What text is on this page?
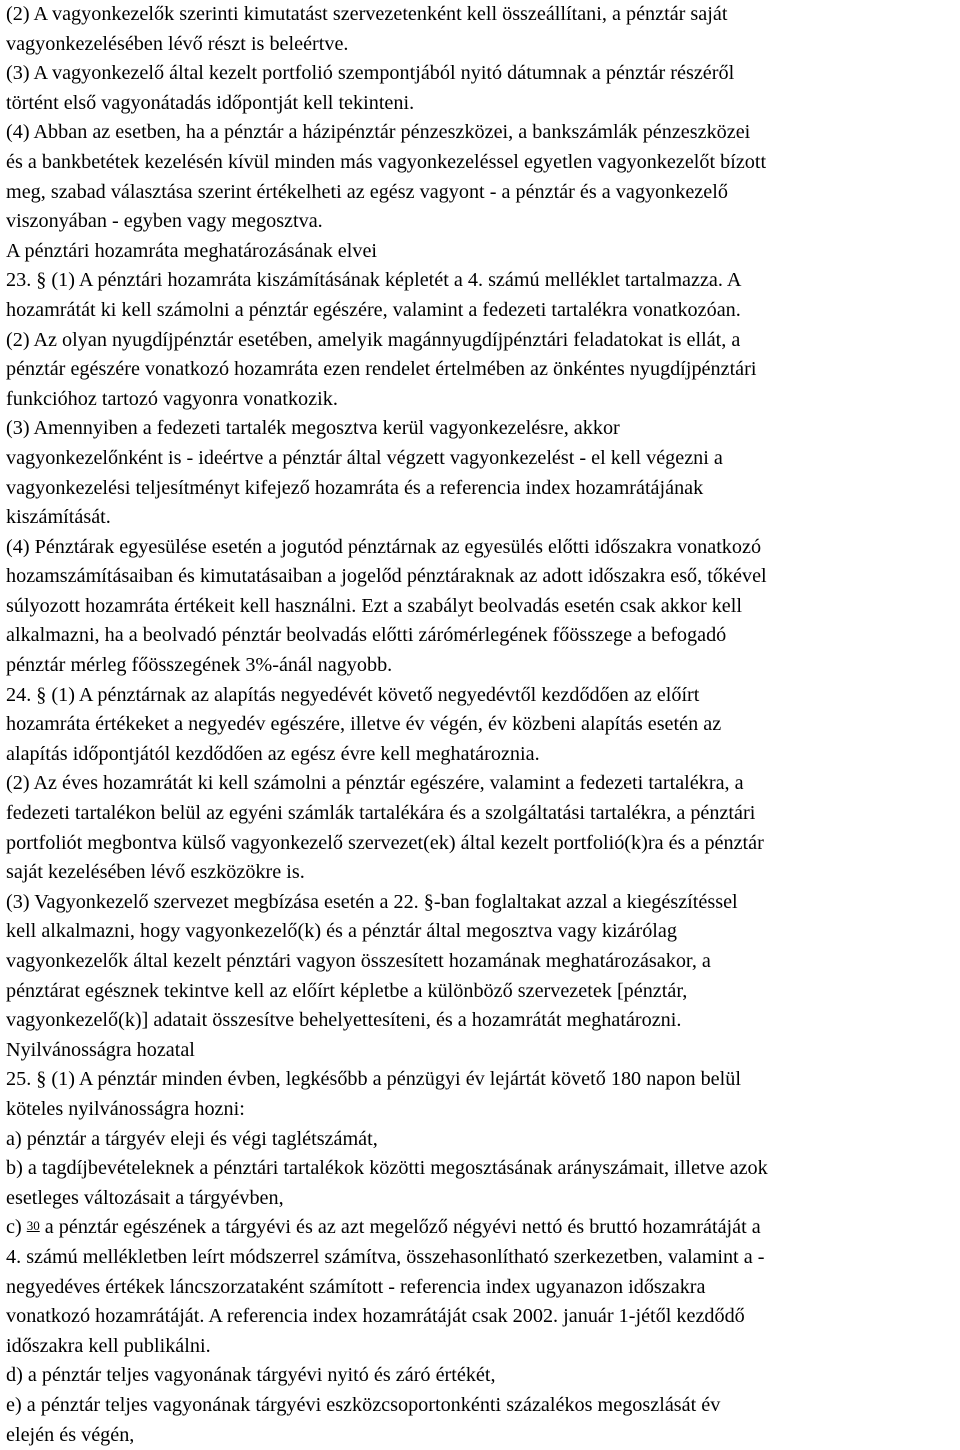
(2) A vagyonkezelők szerinti kimutatást szervezetenként kell összeállítani, a pénztár saját

vagyonkezelésében lévő részt is beleértve.

(3) A vagyonkezelő által kezelt portfolió szempontjából nyitó dátumnak a pénztár részéről

történt első vagyonátadás időpontját kell tekinteni.

(4) Abban az esetben, ha a pénztár a házipénztár pénzeszközei, a bankszámlák pénzeszközei

és a bankbetétek kezelésén kívül minden más vagyonkezeléssel egyetlen vagyonkezelőt bízott

meg, szabad választása szerint értékelheti az egész vagyont - a pénztár és a vagyonkezelő

viszonyában - egyben vagy megosztva.

A pénztári hozamráta meghatározásának elvei

23. § (1) A pénztári hozamráta kiszámításának képletét a 4. számú melléklet tartalmazza. A

hozamrátát ki kell számolni a pénztár egészére, valamint a fedezeti tartalékra vonatkozóan.

(2) Az olyan nyugdíjpénztár esetében, amelyik magánnyugdíjpénztári feladatokat is ellát, a

pénztár egészére vonatkozó hozamráta ezen rendelet értelmében az önkéntes nyugdíjpénztári

funkcióhoz tartozó vagyonra vonatkozik.

(3) Amennyiben a fedezeti tartalék megosztva kerül vagyonkezelésre, akkor

vagyonkezelőnként is - ideértve a pénztár által végzett vagyonkezelést - el kell végezni a

vagyonkezelési teljesítményt kifejező hozamráta és a referencia index hozamrátájának

kiszámítását.

(4) Pénztárak egyesülése esetén a jogutód pénztárnak az egyesülés előtti időszakra vonatkozó

hozamszámításaiban és kimutatásaiban a jogelőd pénztáraknak az adott időszakra eső, tőkével

súlyozott hozamráta értékeit kell használni. Ezt a szabályt beolvadás esetén csak akkor kell

alkalmazni, ha a beolvadó pénztár beolvadás előtti zárómérlegének főösszege a befogadó

pénztár mérleg főösszegének 3%-ánál nagyobb.

24. § (1) A pénztárnak az alapítás negyedévét követő negyedévtől kezdődően az előírt

hozamráta értékeket a negyedév egészére, illetve év végén, év közbeni alapítás esetén az

alapítás időpontjától kezdődően az egész évre kell meghatároznia.

(2) Az éves hozamrátát ki kell számolni a pénztár egészére, valamint a fedezeti tartalékra, a

fedezeti tartalékon belül az egyéni számlák tartalékára és a szolgáltatási tartalékra, a pénztári

portfoliót megbontva külső vagyonkezelő szervezet(ek) által kezelt portfolió(k)ra és a pénztár

saját kezelésében lévő eszközökre is.

(3) Vagyonkezelő szervezet megbízása esetén a 22. §-ban foglaltakat azzal a kiegészítéssel

kell alkalmazni, hogy vagyonkezelő(k) és a pénztár által megosztva vagy kizárólag

vagyonkezelők által kezelt pénztári vagyon összesített hozamának meghatározásakor, a

pénztárat egésznek tekintve kell az előírt képletbe a különböző szervezetek [pénztár,

vagyonkezelő(k)] adatait összesítve behelyettesíteni, és a hozamrátát meghatározni.

Nyilvánosságra hozatal

25. § (1) A pénztár minden évben, legkésőbb a pénzügyi év lejártát követő 180 napon belül

köteles nyilvánosságra hozni:

a) pénztár a tárgyév eleji és végi taglétszámát,

b) a tagdíjbevételeknek a pénztári tartalékok közötti megosztásának arányszámait, illetve azok

esetleges változásait a tárgyévben,

c) $^{30}$ a pénztár egészének a tárgyévi és az azt megelőző négyévi nettó és bruttó hozamrátáját a

4. számú mellékletben leírt módszerrel számítva, összehasonlítható szerkezetben, valamint a -

negyedéves értékek láncszorzataként számított - referencia index ugyanazon időszakra

vonatkozó hozamrátáját. A referencia index hozamrátáját csak 2002. január 1-jétől kezdődő

időszakra kell publikálni.

d) a pénztár teljes vagyonának tárgyévi nyitó és záró értékét,

e) a pénztár teljes vagyonának tárgyévi eszközcsoportonkénti százalékos megoszlását év

elején és végén,
